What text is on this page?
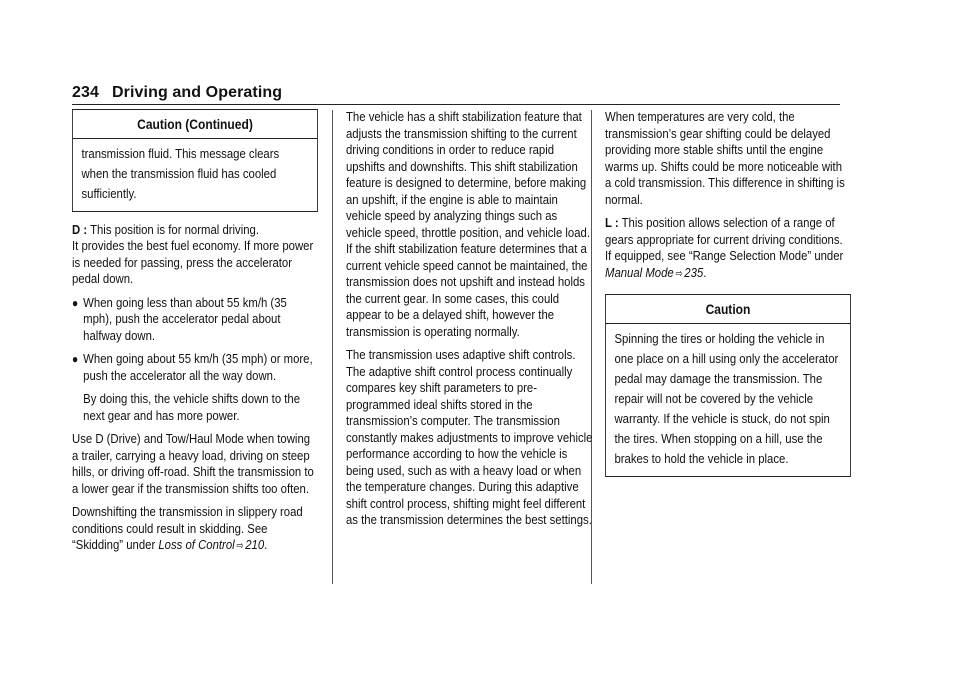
234 Driving and Operating
Caution (Continued)

transmission fluid. This message clears when the transmission fluid has cooled sufficiently.

D : This position is for normal driving.

It provides the best fuel economy. If more power is needed for passing, press the accelerator pedal down.

● When going less than about 55 km/h (35 mph), push the accelerator pedal about halfway down.
● When going about 55 km/h (35 mph) or more, push the accelerator all the way down.

By doing this, the vehicle shifts down to the next gear and has more power.

Use D (Drive) and Tow/Haul Mode when towing a trailer, carrying a heavy load, driving on steep hills, or driving off-road. Shift the transmission to a lower gear if the transmission shifts too often.

Downshifting the transmission in slippery road conditions could result in skidding. See “Skidding” under Loss of Control ⇨ 210.

The vehicle has a shift stabilization feature that adjusts the transmission shifting to the current driving conditions in order to reduce rapid upshifts and downshifts. This shift stabilization feature is designed to determine, before making an upshift, if the engine is able to maintain vehicle speed by analyzing things such as vehicle speed, throttle position, and vehicle load. If the shift stabilization feature determines that a current vehicle speed cannot be maintained, the transmission does not upshift and instead holds the current gear. In some cases, this could appear to be a delayed shift, however the transmission is operating normally.

The transmission uses adaptive shift controls. The adaptive shift control process continually compares key shift parameters to pre-programmed ideal shifts stored in the transmission’s computer. The transmission constantly makes adjustments to improve vehicle performance according to how the vehicle is being used, such as with a heavy load or when the temperature changes. During this adaptive shift control process, shifting might feel different as the transmission determines the best settings.

When temperatures are very cold, the transmission’s gear shifting could be delayed providing more stable shifts until the engine warms up. Shifts could be more noticeable with a cold transmission. This difference in shifting is normal.

L : This position allows selection of a range of gears appropriate for current driving conditions. If equipped, see “Range Selection Mode” under Manual Mode ⇨ 235.

Caution

Spinning the tires or holding the vehicle in one place on a hill using only the accelerator pedal may damage the transmission. The repair will not be covered by the vehicle warranty. If the vehicle is stuck, do not spin the tires. When stopping on a hill, use the brakes to hold the vehicle in place.
